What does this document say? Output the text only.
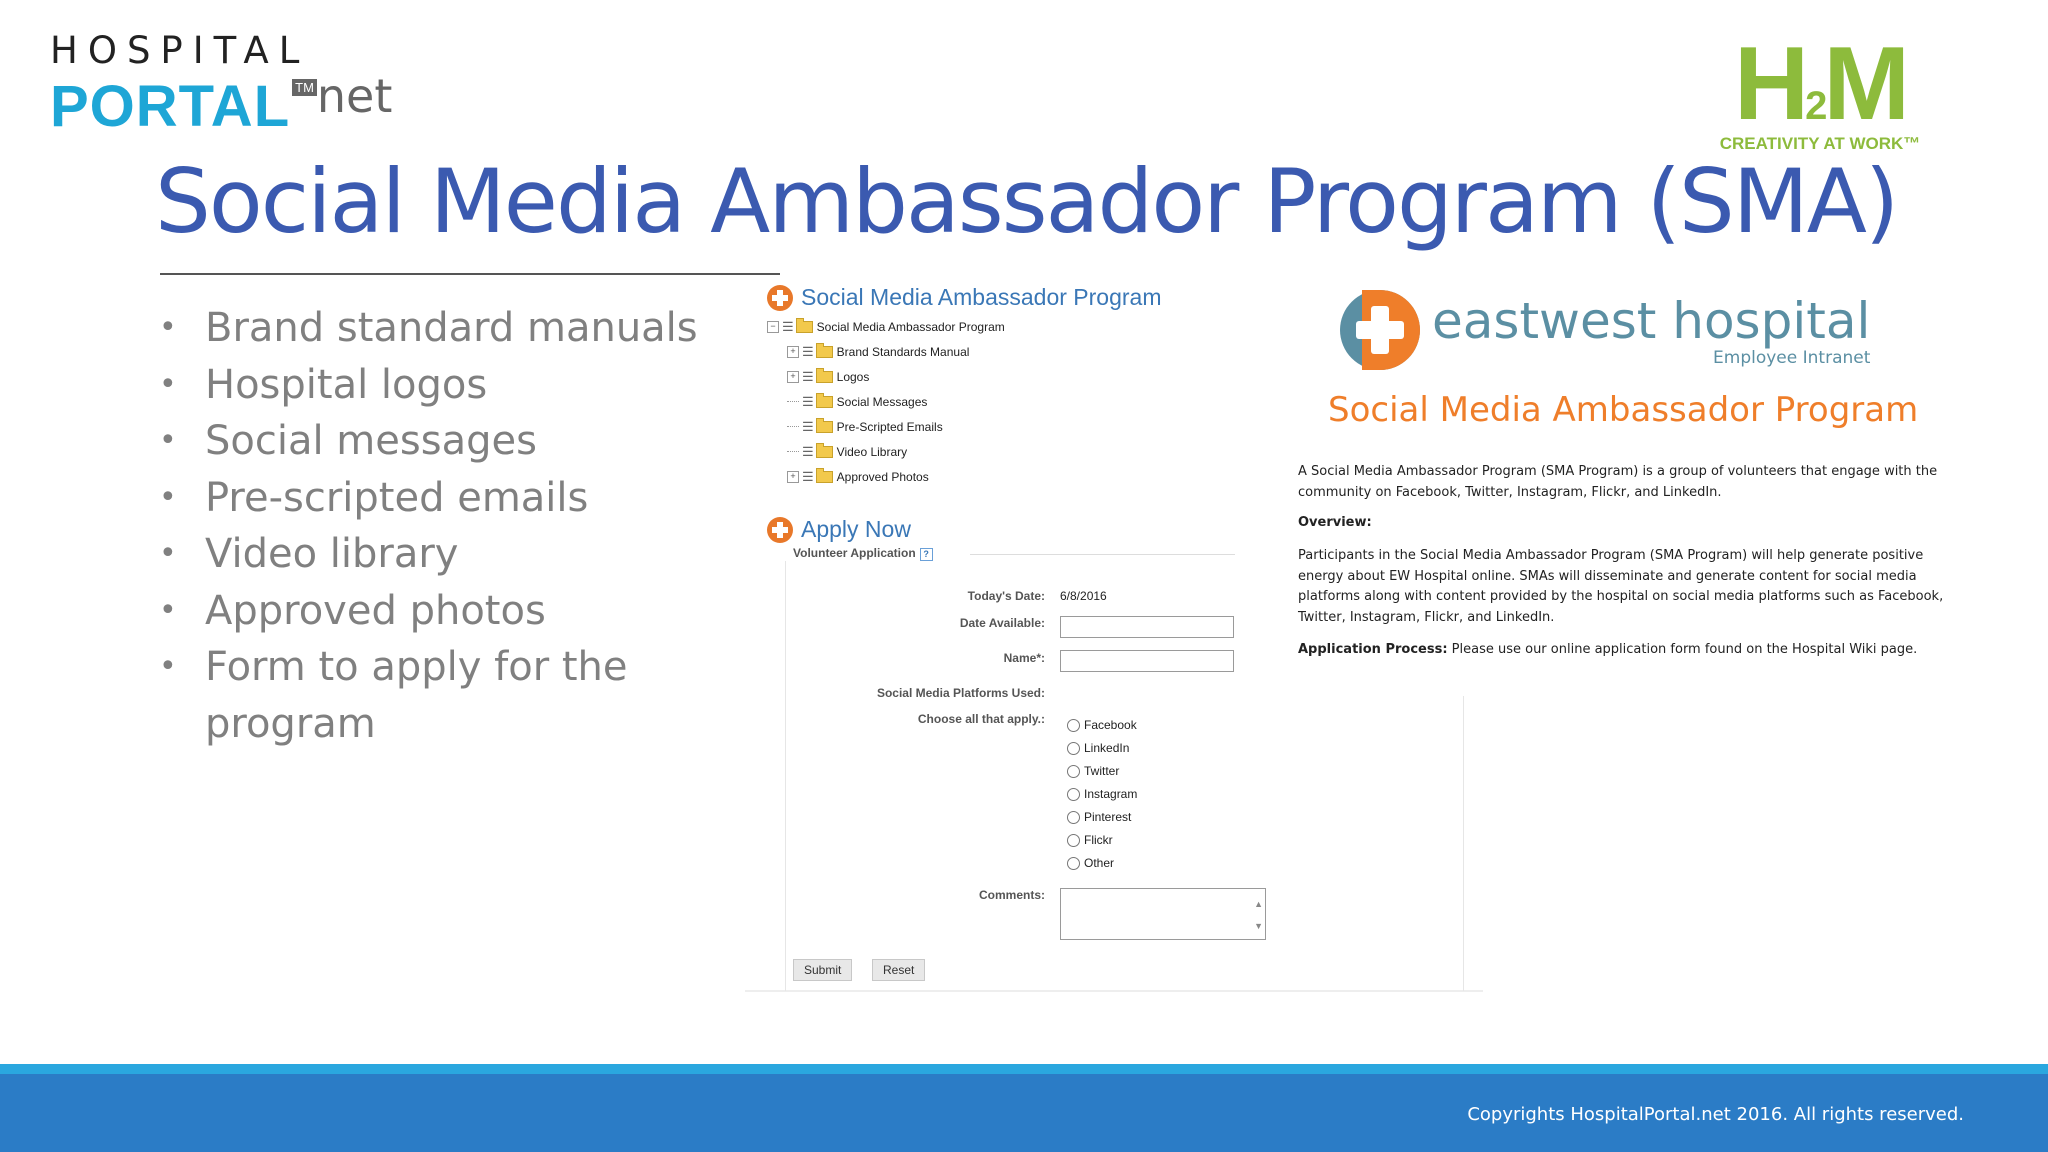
HOSPITAL
PORTAL ™net	H2M
CREATIVITY AT WORK™
Social Media Ambassador Program (SMA)
• Brand standard manuals
• Hospital logos
• Social messages
• Pre-scripted emails
• Video library
• Approved photos
• Form to apply for the program
Social Media Ambassador Program
− ☰ Social Media Ambassador Program
+ ☰ Brand Standards Manual
+ ☰ Logos
☰ Social Messages
☰ Pre-Scripted Emails
☰ Video Library
+ ☰ Approved Photos
Apply Now
Volunteer Application ?
Today's Date: 6/8/2016
Date Available:
Name*:
Social Media Platforms Used:
Choose all that apply.:	Facebook
LinkedIn
Twitter
Instagram
Pinterest
Flickr
Other
Comments:
▲
▼
Submit	Reset
eastwest hospital
Employee Intranet
Social Media Ambassador Program
A Social Media Ambassador Program (SMA Program) is a group of volunteers that engage with the community on Facebook, Twitter, Instagram, Flickr, and LinkedIn.
Overview:
Participants in the Social Media Ambassador Program (SMA Program) will help generate positive energy about EW Hospital online. SMAs will disseminate and generate content for social media platforms along with content provided by the hospital on social media platforms such as Facebook, Twitter, Instagram, Flickr, and LinkedIn.
Application Process: Please use our online application form found on the Hospital Wiki page.
Copyrights HospitalPortal.net 2016. All rights reserved.
